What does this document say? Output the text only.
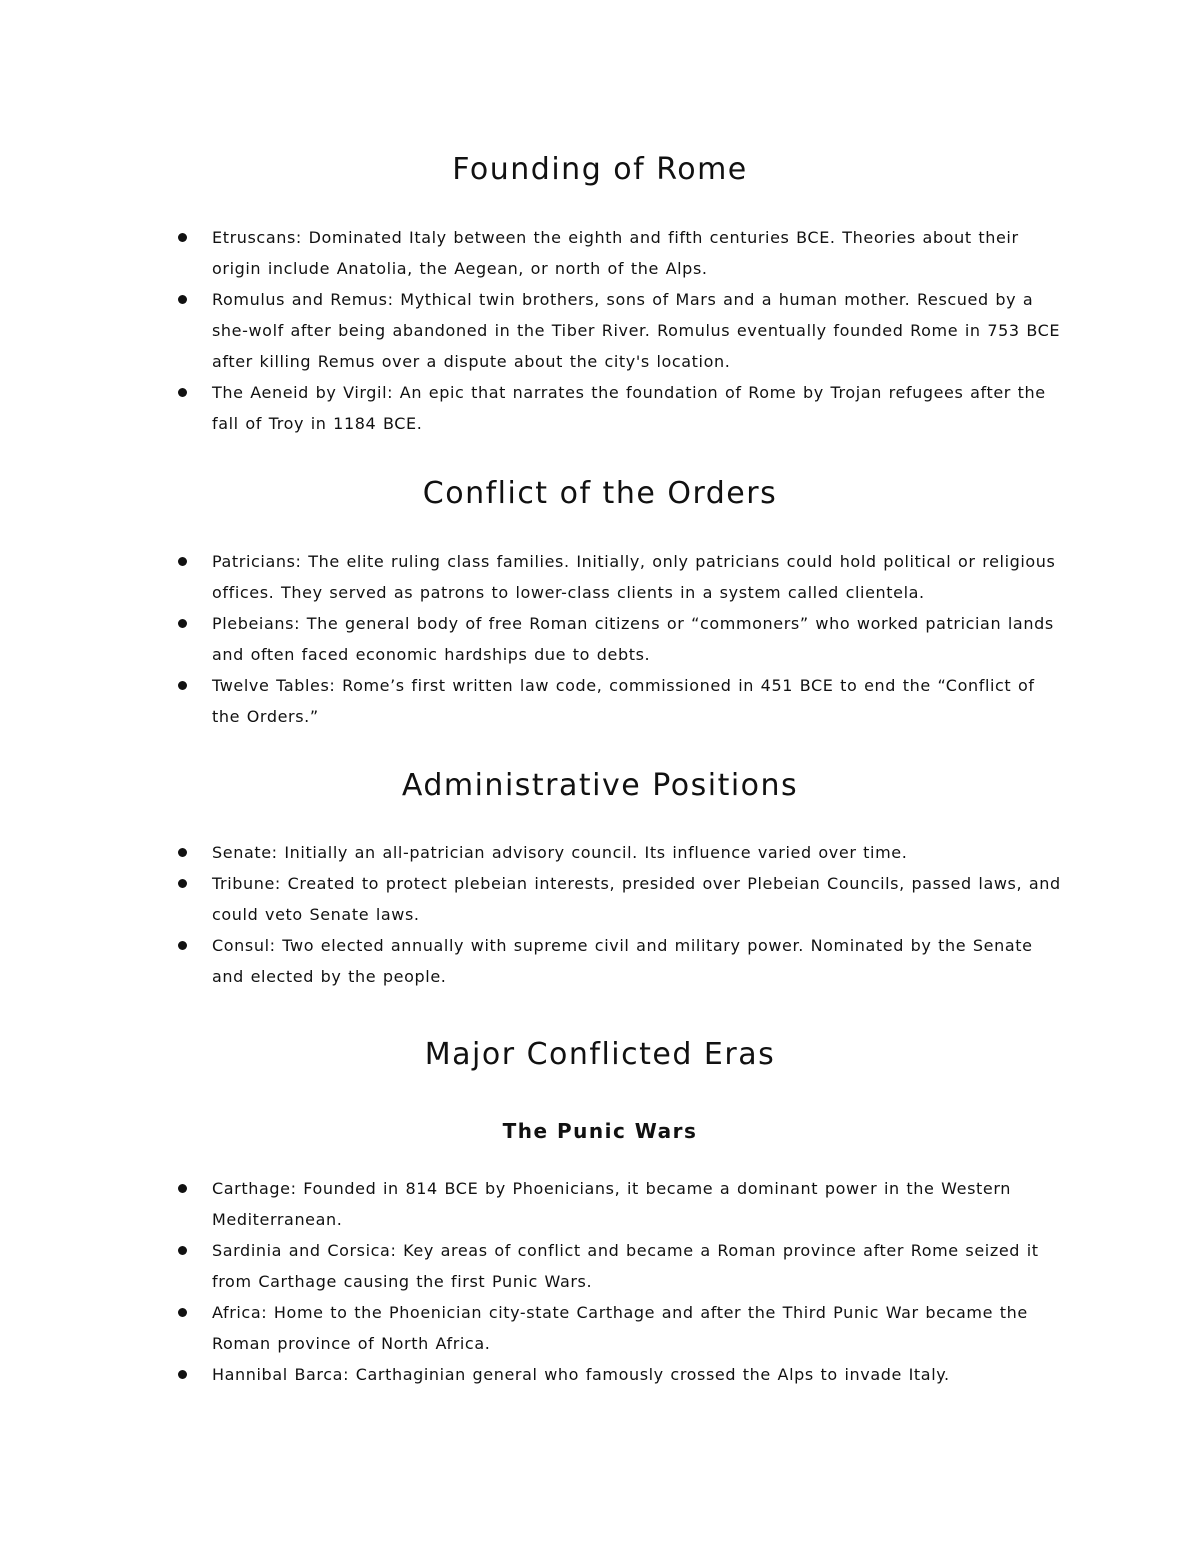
Founding of Rome
Etruscans: Dominated Italy between the eighth and fifth centuries BCE. Theories about their origin include Anatolia, the Aegean, or north of the Alps.
Romulus and Remus: Mythical twin brothers, sons of Mars and a human mother. Rescued by a she-wolf after being abandoned in the Tiber River. Romulus eventually founded Rome in 753 BCE after killing Remus over a dispute about the city's location.
The Aeneid by Virgil: An epic that narrates the foundation of Rome by Trojan refugees after the fall of Troy in 1184 BCE.
Conflict of the Orders
Patricians: The elite ruling class families. Initially, only patricians could hold political or religious offices. They served as patrons to lower-class clients in a system called clientela.
Plebeians: The general body of free Roman citizens or “commoners” who worked patrician lands and often faced economic hardships due to debts.
Twelve Tables: Rome’s first written law code, commissioned in 451 BCE to end the “Conflict of the Orders.”
Administrative Positions
Senate: Initially an all-patrician advisory council. Its influence varied over time.
Tribune: Created to protect plebeian interests, presided over Plebeian Councils, passed laws, and could veto Senate laws.
Consul: Two elected annually with supreme civil and military power. Nominated by the Senate and elected by the people.
Major Conflicted Eras
The Punic Wars
Carthage: Founded in 814 BCE by Phoenicians, it became a dominant power in the Western Mediterranean.
Sardinia and Corsica: Key areas of conflict and became a Roman province after Rome seized it from Carthage causing the first Punic Wars.
Africa: Home to the Phoenician city-state Carthage and after the Third Punic War became the Roman province of North Africa.
Hannibal Barca: Carthaginian general who famously crossed the Alps to invade Italy.
